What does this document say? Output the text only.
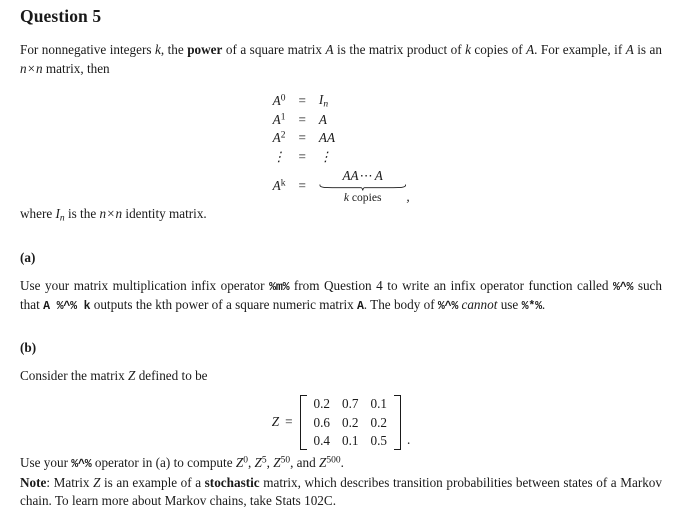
Question 5

For nonnegative integers k, the power of a square matrix A is the matrix product of k copies of A. For example, if A is an n×n matrix, then

$A^0 = I_n$
$A^1 = A$
$A^2$ = AA
⋮ = ⋮
$A^k$ =
AA⋯A
k copies	,

where $I_n$ is the n×n identity matrix.

(a)

Use your matrix multiplication infix operator %m% from Question 4 to write an infix operator function called %^% such that A %^% k outputs the kth power of a square numeric matrix A. The body of %^% cannot use %*%.

(b)

Consider the matrix Z defined to be

Z =
0.2	0.7	0.1
0.6	0.2	0.2
0.4	0.1	0.5 .

Use your %^% operator in (a) to compute $Z^0$, $Z^5$, $Z^{50}$, and $Z^{500}$.

Note: Matrix Z is an example of a stochastic matrix, which describes transition probabilities between states of a Markov chain. To learn more about Markov chains, take Stats 102C.
